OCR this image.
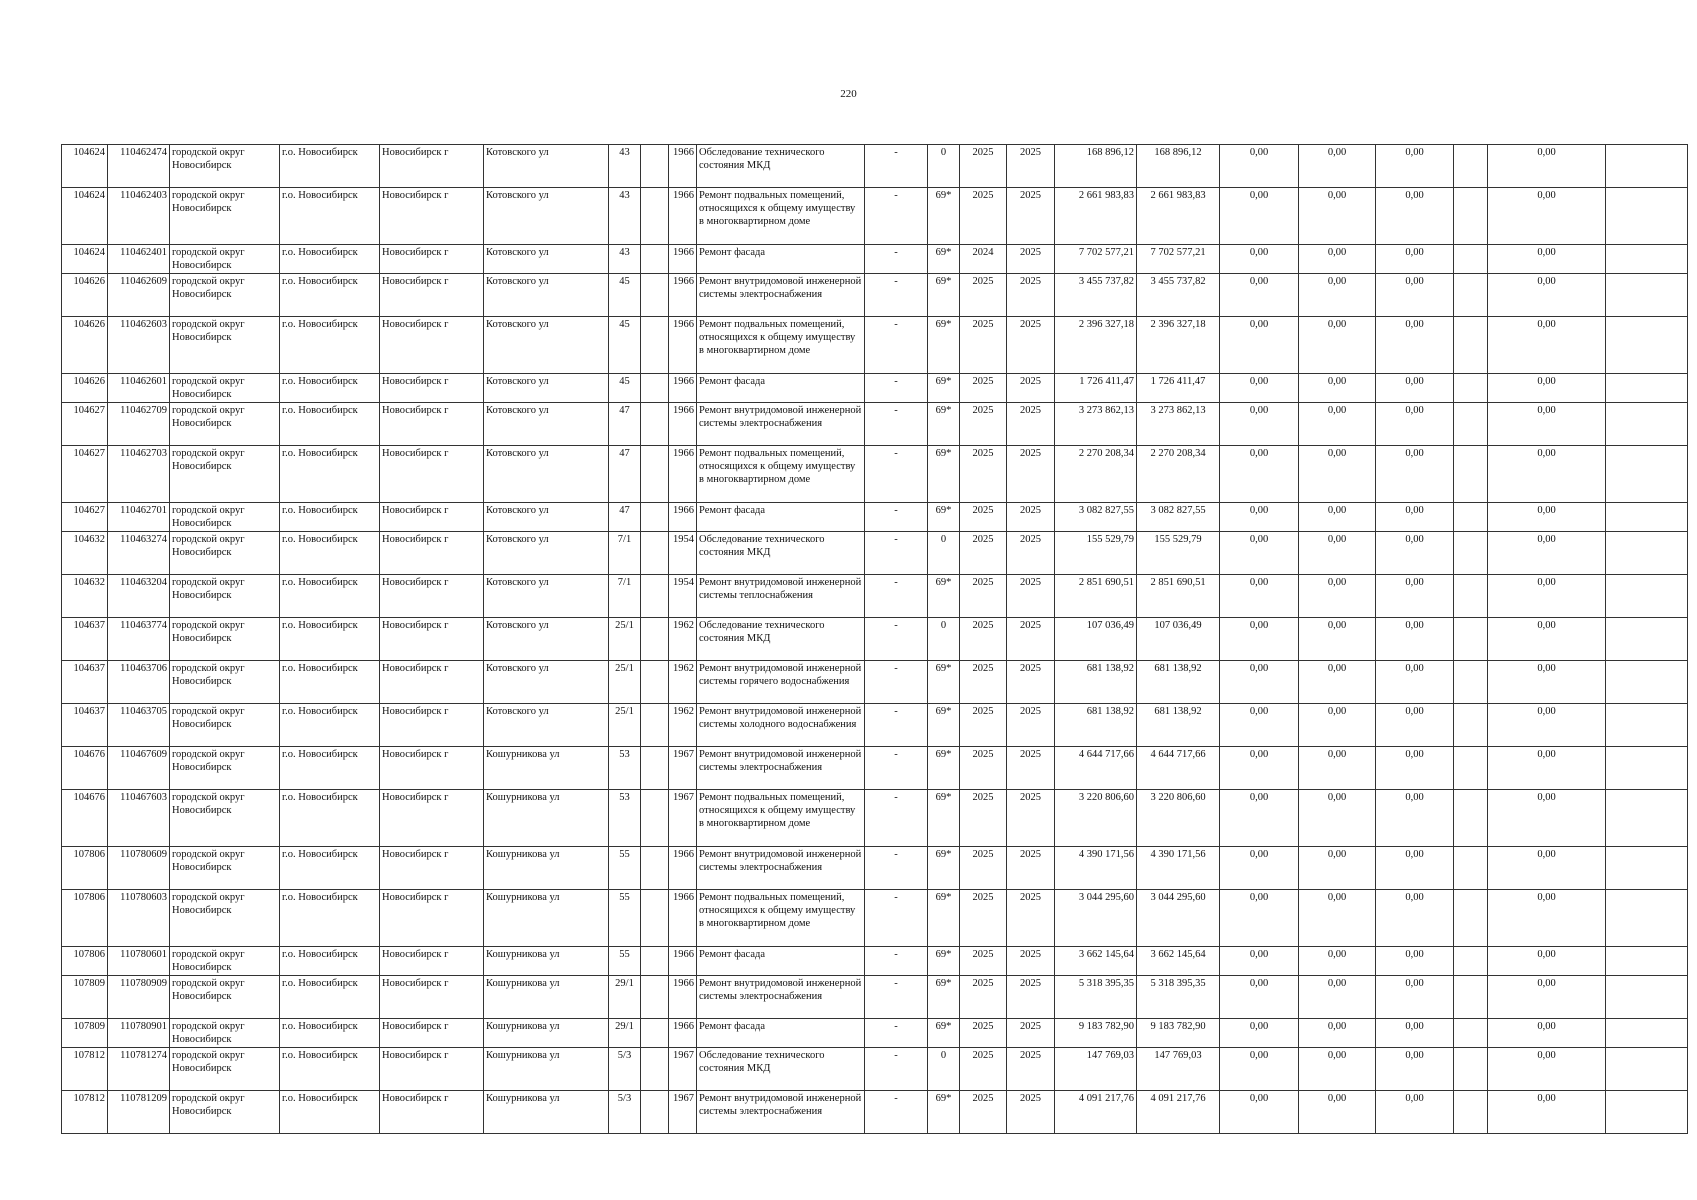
220
104624	110462474	городской округ Новосибирск	г.о. Новосибирск	Новосибирск г	Котовского ул	43		1966	Обследование технического состояния МКД	-	0	2025	2025	168 896,12	168 896,12	0,00	0,00	0,00		0,00	
104624	110462403	городской округ Новосибирск	г.о. Новосибирск	Новосибирск г	Котовского ул	43		1966	Ремонт подвальных помещений, относящихся к общему имуществу в многоквартирном доме	-	69*	2025	2025	2 661 983,83	2 661 983,83	0,00	0,00	0,00		0,00	
104624	110462401	городской округ Новосибирск	г.о. Новосибирск	Новосибирск г	Котовского ул	43		1966	Ремонт фасада	-	69*	2024	2025	7 702 577,21	7 702 577,21	0,00	0,00	0,00		0,00	
104626	110462609	городской округ Новосибирск	г.о. Новосибирск	Новосибирск г	Котовского ул	45		1966	Ремонт внутридомовой инженерной системы электроснабжения	-	69*	2025	2025	3 455 737,82	3 455 737,82	0,00	0,00	0,00		0,00	
104626	110462603	городской округ Новосибирск	г.о. Новосибирск	Новосибирск г	Котовского ул	45		1966	Ремонт подвальных помещений, относящихся к общему имуществу в многоквартирном доме	-	69*	2025	2025	2 396 327,18	2 396 327,18	0,00	0,00	0,00		0,00	
104626	110462601	городской округ Новосибирск	г.о. Новосибирск	Новосибирск г	Котовского ул	45		1966	Ремонт фасада	-	69*	2025	2025	1 726 411,47	1 726 411,47	0,00	0,00	0,00		0,00	
104627	110462709	городской округ Новосибирск	г.о. Новосибирск	Новосибирск г	Котовского ул	47		1966	Ремонт внутридомовой инженерной системы электроснабжения	-	69*	2025	2025	3 273 862,13	3 273 862,13	0,00	0,00	0,00		0,00	
104627	110462703	городской округ Новосибирск	г.о. Новосибирск	Новосибирск г	Котовского ул	47		1966	Ремонт подвальных помещений, относящихся к общему имуществу в многоквартирном доме	-	69*	2025	2025	2 270 208,34	2 270 208,34	0,00	0,00	0,00		0,00	
104627	110462701	городской округ Новосибирск	г.о. Новосибирск	Новосибирск г	Котовского ул	47		1966	Ремонт фасада	-	69*	2025	2025	3 082 827,55	3 082 827,55	0,00	0,00	0,00		0,00	
104632	110463274	городской округ Новосибирск	г.о. Новосибирск	Новосибирск г	Котовского ул	7/1		1954	Обследование технического состояния МКД	-	0	2025	2025	155 529,79	155 529,79	0,00	0,00	0,00		0,00	
104632	110463204	городской округ Новосибирск	г.о. Новосибирск	Новосибирск г	Котовского ул	7/1		1954	Ремонт внутридомовой инженерной системы теплоснабжения	-	69*	2025	2025	2 851 690,51	2 851 690,51	0,00	0,00	0,00		0,00	
104637	110463774	городской округ Новосибирск	г.о. Новосибирск	Новосибирск г	Котовского ул	25/1		1962	Обследование технического состояния МКД	-	0	2025	2025	107 036,49	107 036,49	0,00	0,00	0,00		0,00	
104637	110463706	городской округ Новосибирск	г.о. Новосибирск	Новосибирск г	Котовского ул	25/1		1962	Ремонт внутридомовой инженерной системы горячего водоснабжения	-	69*	2025	2025	681 138,92	681 138,92	0,00	0,00	0,00		0,00	
104637	110463705	городской округ Новосибирск	г.о. Новосибирск	Новосибирск г	Котовского ул	25/1		1962	Ремонт внутридомовой инженерной системы холодного водоснабжения	-	69*	2025	2025	681 138,92	681 138,92	0,00	0,00	0,00		0,00	
104676	110467609	городской округ Новосибирск	г.о. Новосибирск	Новосибирск г	Кошурникова ул	53		1967	Ремонт внутридомовой инженерной системы электроснабжения	-	69*	2025	2025	4 644 717,66	4 644 717,66	0,00	0,00	0,00		0,00	
104676	110467603	городской округ Новосибирск	г.о. Новосибирск	Новосибирск г	Кошурникова ул	53		1967	Ремонт подвальных помещений, относящихся к общему имуществу в многоквартирном доме	-	69*	2025	2025	3 220 806,60	3 220 806,60	0,00	0,00	0,00		0,00	
107806	110780609	городской округ Новосибирск	г.о. Новосибирск	Новосибирск г	Кошурникова ул	55		1966	Ремонт внутридомовой инженерной системы электроснабжения	-	69*	2025	2025	4 390 171,56	4 390 171,56	0,00	0,00	0,00		0,00	
107806	110780603	городской округ Новосибирск	г.о. Новосибирск	Новосибирск г	Кошурникова ул	55		1966	Ремонт подвальных помещений, относящихся к общему имуществу в многоквартирном доме	-	69*	2025	2025	3 044 295,60	3 044 295,60	0,00	0,00	0,00		0,00	
107806	110780601	городской округ Новосибирск	г.о. Новосибирск	Новосибирск г	Кошурникова ул	55		1966	Ремонт фасада	-	69*	2025	2025	3 662 145,64	3 662 145,64	0,00	0,00	0,00		0,00	
107809	110780909	городской округ Новосибирск	г.о. Новосибирск	Новосибирск г	Кошурникова ул	29/1		1966	Ремонт внутридомовой инженерной системы электроснабжения	-	69*	2025	2025	5 318 395,35	5 318 395,35	0,00	0,00	0,00		0,00	
107809	110780901	городской округ Новосибирск	г.о. Новосибирск	Новосибирск г	Кошурникова ул	29/1		1966	Ремонт фасада	-	69*	2025	2025	9 183 782,90	9 183 782,90	0,00	0,00	0,00		0,00	
107812	110781274	городской округ Новосибирск	г.о. Новосибирск	Новосибирск г	Кошурникова ул	5/3		1967	Обследование технического состояния МКД	-	0	2025	2025	147 769,03	147 769,03	0,00	0,00	0,00		0,00	
107812	110781209	городской округ Новосибирск	г.о. Новосибирск	Новосибирск г	Кошурникова ул	5/3		1967	Ремонт внутридомовой инженерной системы электроснабжения	-	69*	2025	2025	4 091 217,76	4 091 217,76	0,00	0,00	0,00		0,00	
